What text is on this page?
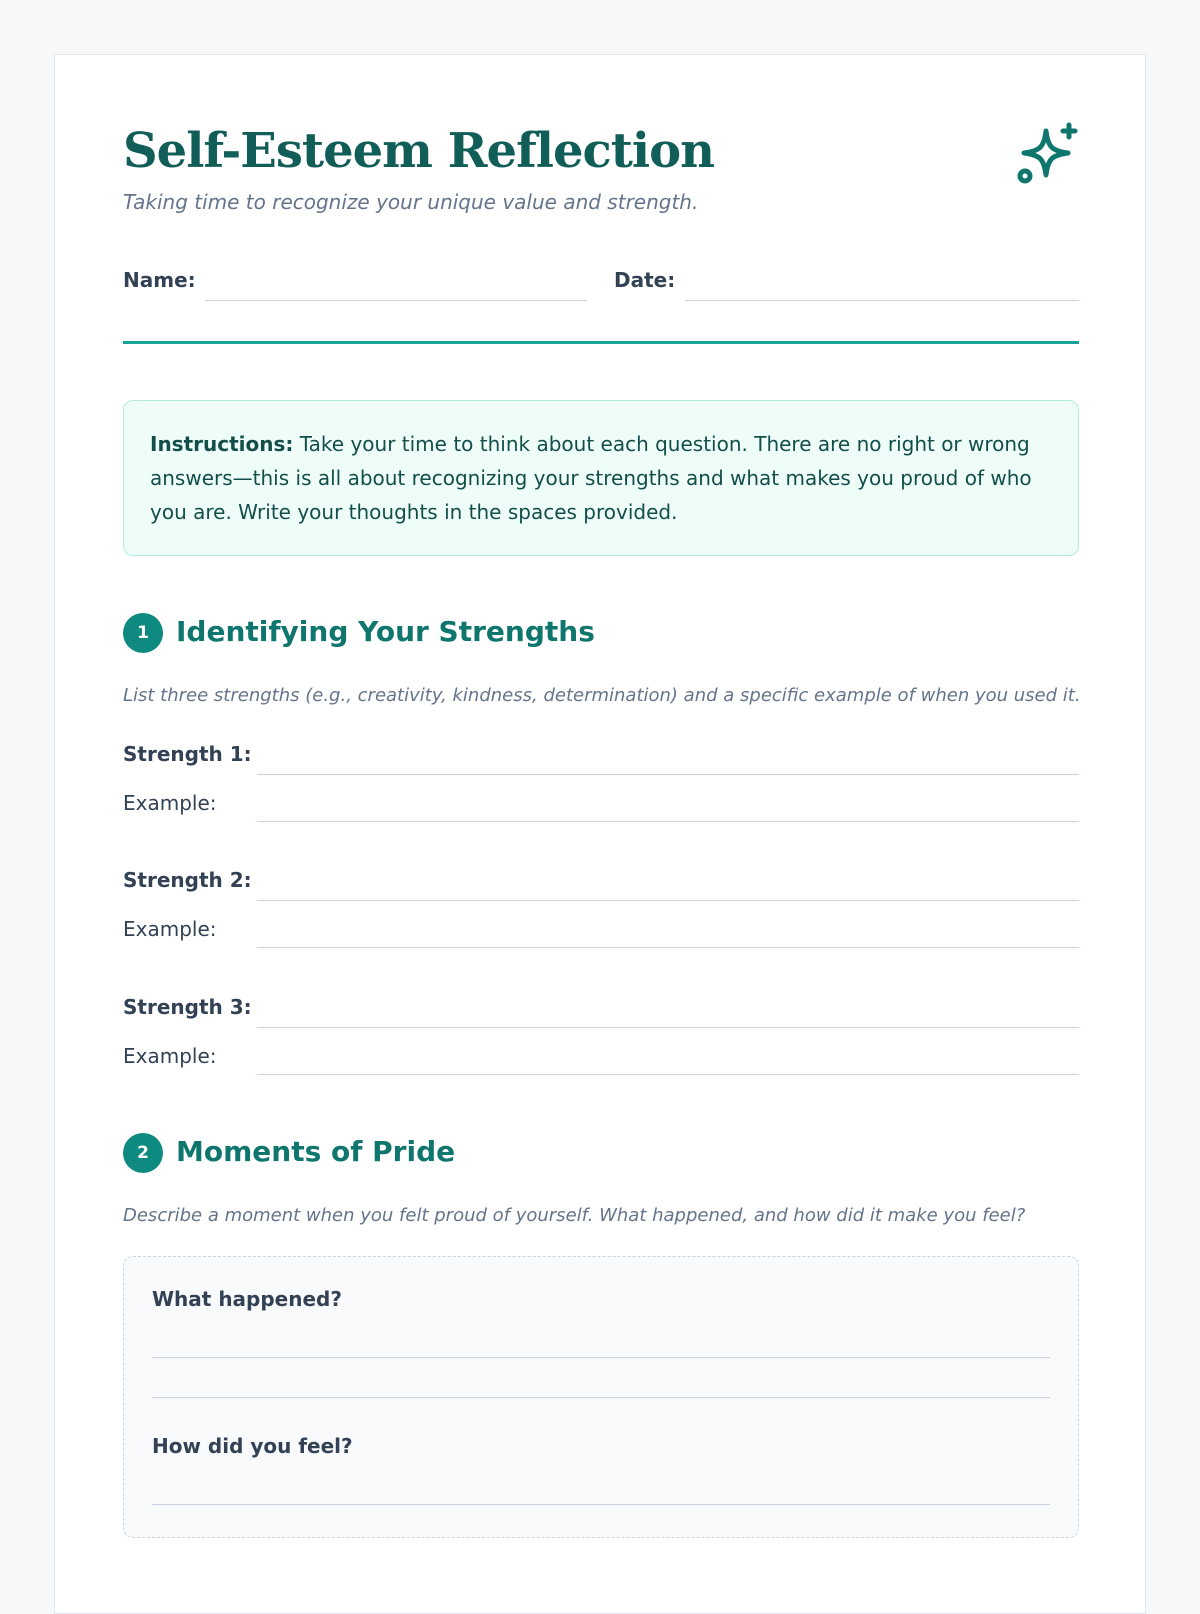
Self-Esteem Reflection
Taking time to recognize your unique value and strength.
Name:	Date:
Instructions: Take your time to think about each question. There are no right or wrong answers—this is all about recognizing your strengths and what makes you proud of who you are. Write your thoughts in the spaces provided.
1 Identifying Your Strengths
List three strengths (e.g., creativity, kindness, determination) and a specific example of when you used it.
Strength 1:
Example:
Strength 2:
Example:
Strength 3:
Example:
2 Moments of Pride
Describe a moment when you felt proud of yourself. What happened, and how did it make you feel?
What happened?
How did you feel?
